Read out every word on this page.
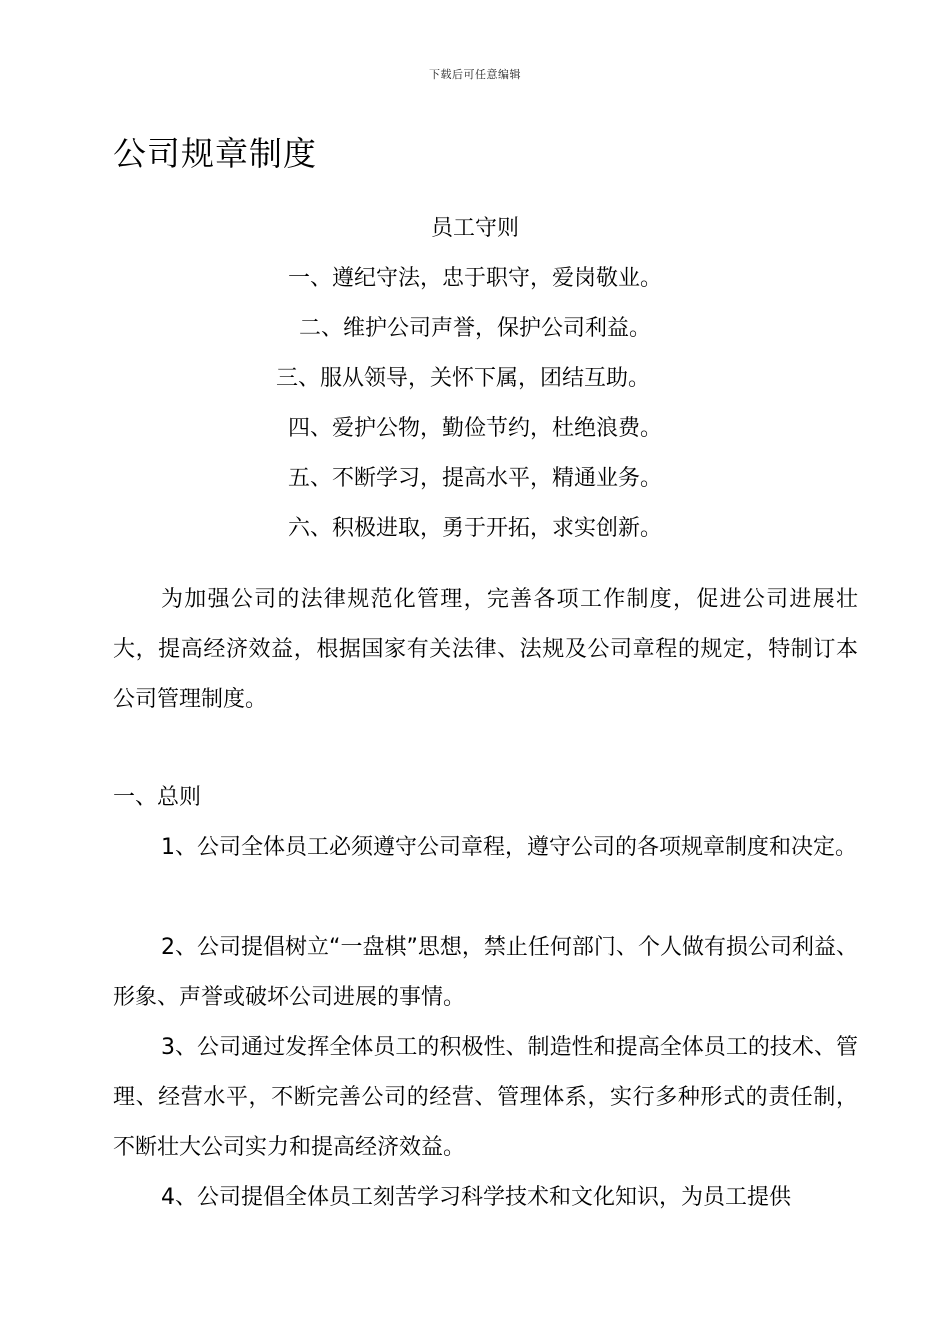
下载后可任意编辑
公司规章制度
员工守则

一、遵纪守法，忠于职守，爱岗敬业。

二、维护公司声誉，保护公司利益。

三、服从领导，关怀下属，团结互助。

四、爱护公物，勤俭节约，杜绝浪费。

五、不断学习，提高水平，精通业务。

六、积极进取，勇于开拓，求实创新。

为加强公司的法律规范化管理，完善各项工作制度，促进公司进展壮大，提高经济效益，根据国家有关法律、法规及公司章程的规定，特制订本公司管理制度。

一、总则

1、公司全体员工必须遵守公司章程，遵守公司的各项规章制度和决定。

2、公司提倡树立“一盘棋”思想，禁止任何部门、个人做有损公司利益、形象、声誉或破坏公司进展的事情。

3、公司通过发挥全体员工的积极性、制造性和提高全体员工的技术、管理、经营水平，不断完善公司的经营、管理体系，实行多种形式的责任制，不断壮大公司实力和提高经济效益。

4、公司提倡全体员工刻苦学习科学技术和文化知识，为员工提供
